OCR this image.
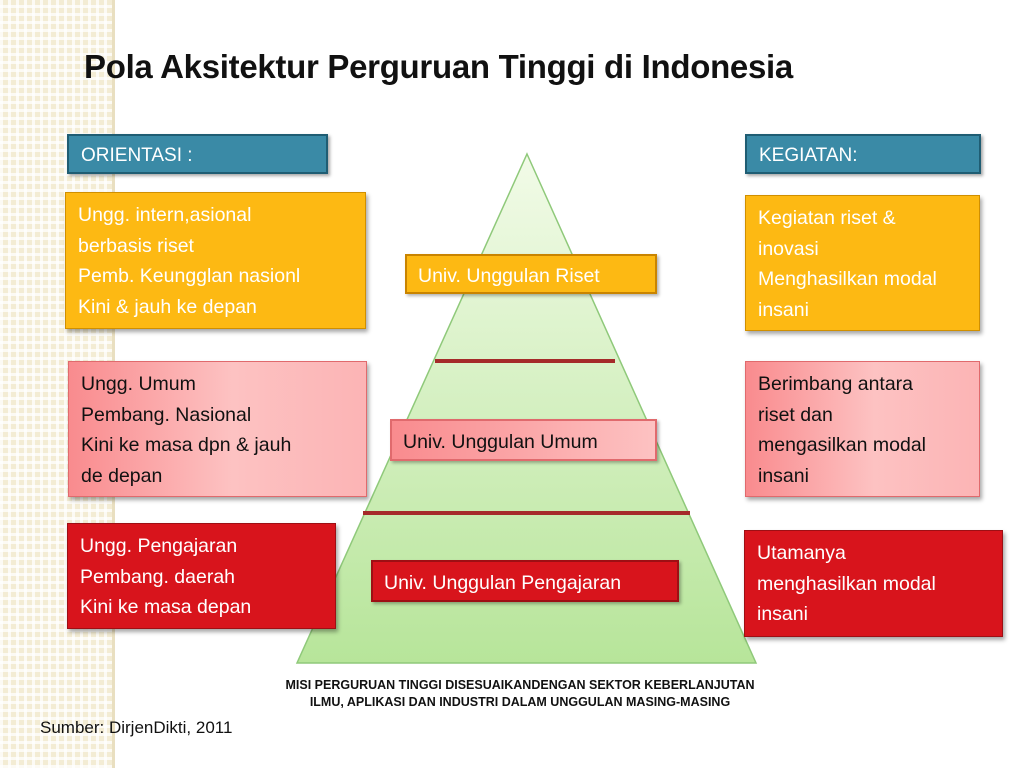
Pola Aksitektur Perguruan Tinggi di Indonesia
ORIENTASI :	KEGIATAN:
Univ. Unggulan Riset
Univ. Unggulan Umum
Univ. Unggulan Pengajaran
Ungg. intern,asional
berbasis riset
Pemb. Keungglan nasionl
Kini & jauh ke depan
Ungg. Umum
Pembang. Nasional
Kini ke masa dpn & jauh
de depan
Ungg. Pengajaran
Pembang. daerah
Kini ke masa depan
Kegiatan riset &
inovasi
Menghasilkan modal
insani
Berimbang antara
riset dan
mengasilkan modal
insani
Utamanya
menghasilkan modal
insani
MISI PERGURUAN TINGGI DISESUAIKANDENGAN SEKTOR KEBERLANJUTAN
ILMU, APLIKASI DAN INDUSTRI DALAM UNGGULAN MASING-MASING
Sumber: DirjenDikti, 2011
